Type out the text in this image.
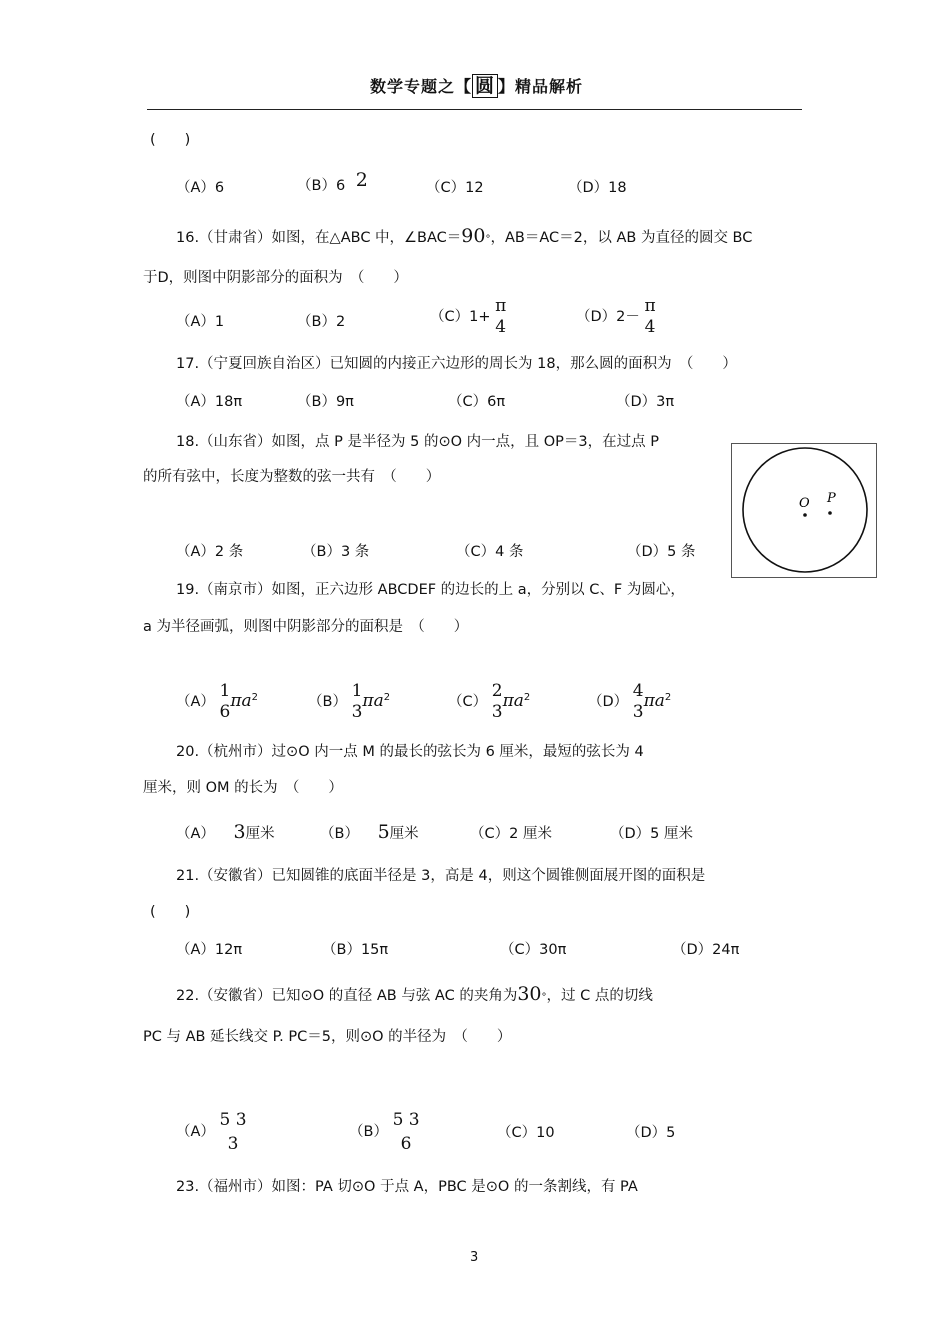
数学专题之【 圆 】精品解析
(　　)
（A）6	（B）6 2	（C）12	（D）18
16.（甘肃省）如图，在△ABC 中，∠BAC＝90°，AB＝AC＝2，以 AB 为直径的圆交 BC
于D，则图中阴影部分的面积为　（　　）
（A）1	（B）2	（C）1+
π
4	（D）2－
π
4
17.（宁夏回族自治区）已知圆的内接正六边形的周长为 18，那么圆的面积为　（　　）
（A）18π	（B）9π	（C）6π	（D）3π
18.（山东省）如图，点 P 是半径为 5 的⊙O 内一点，且 OP＝3，在过点 P
的所有弦中，长度为整数的弦一共有　（　　）
（A）2 条	（B）3 条	（C）4 条	（D）5 条
O P
19.（南京市）如图，正六边形 ABCDEF 的边长的上 a，分别以 C、F 为圆心，
a 为半径画弧，则图中阴影部分的面积是　（　　）
（A）
1
6
$\pi a^2$	（B）
1
3
$\pi a^2$	（C）
2
3
$\pi a^2$	（D）
4
3
$\pi a^2$
20.（杭州市）过⊙O 内一点 M 的最长的弦长为 6 厘米，最短的弦长为 4
厘米，则 OM 的长为　（　　）
（A） 3厘米	（B） 5厘米	（C）2 厘米	（D）5 厘米
21.（安徽省）已知圆锥的底面半径是 3，高是 4，则这个圆锥侧面展开图的面积是
(　　)
（A）12π	（B）15π	（C）30π	（D）24π
22.（安徽省）已知⊙O 的直径 AB 与弦 AC 的夹角为30°，过 C 点的切线
PC 与 AB 延长线交 P. PC＝5，则⊙O 的半径为　（　　）
（A）
5 3
3
（B）
5 3
6
（C）10	（D）5
23.（福州市）如图：PA 切⊙O 于点 A，PBC 是⊙O 的一条割线，有 PA
3
